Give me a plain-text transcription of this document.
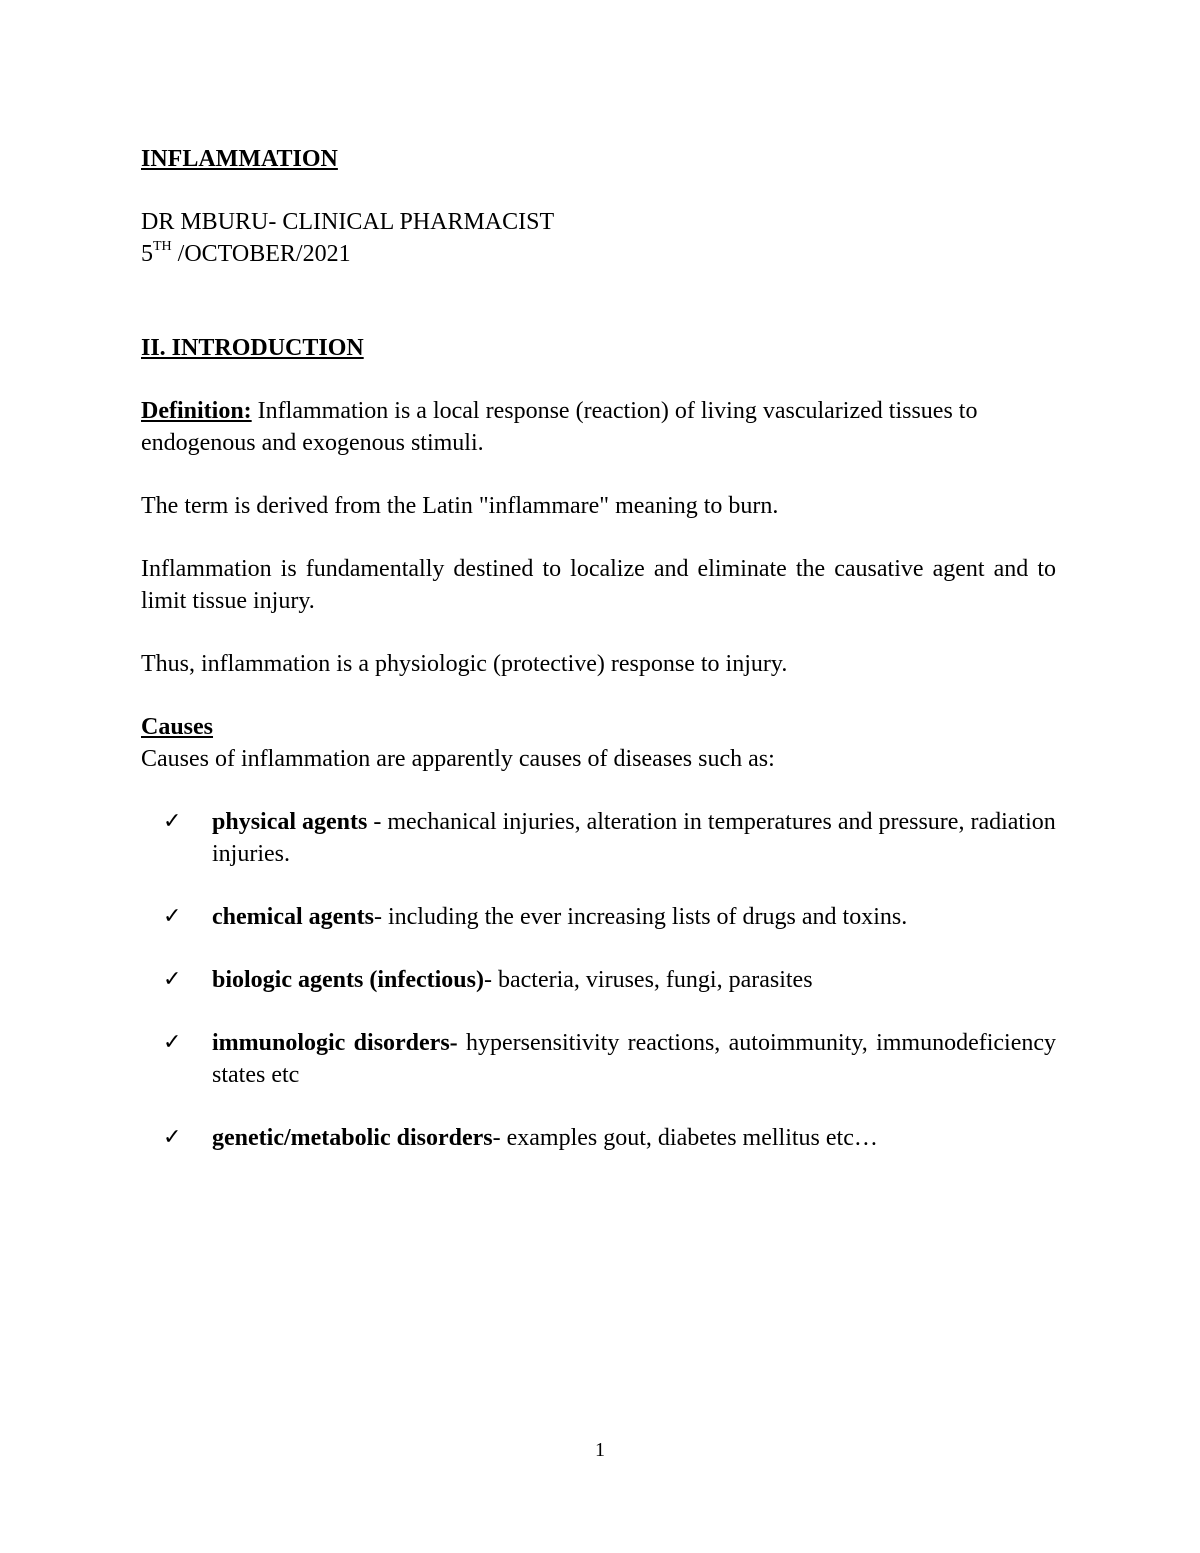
INFLAMMATION

DR MBURU- CLINICAL PHARMACIST

5TH /OCTOBER/2021

II. INTRODUCTION

Definition: Inflammation is a local response (reaction) of living vascularized tissues to endogenous and exogenous stimuli.

The term is derived from the Latin "inflammare" meaning to burn.

Inflammation is fundamentally destined to localize and eliminate the causative agent and to limit tissue injury.

Thus, inflammation is a physiologic (protective) response to injury.

Causes

Causes of inflammation are apparently causes of diseases such as:

✓ physical agents - mechanical injuries, alteration in temperatures and pressure, radiation injuries.
✓ chemical agents- including the ever increasing lists of drugs and toxins.
✓ biologic agents (infectious)- bacteria, viruses, fungi, parasites
✓ immunologic disorders- hypersensitivity reactions, autoimmunity, immunodeficiency states etc
✓ genetic/metabolic disorders- examples gout, diabetes mellitus etc…
1
